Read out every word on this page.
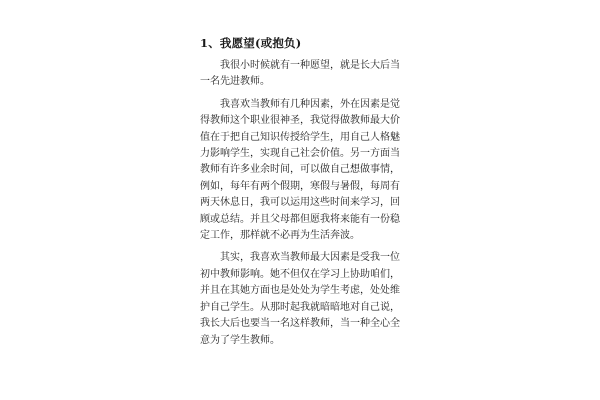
1、我愿望(或抱负)

我很小时候就有一种愿望，就是长大后当一名先进教师。

我喜欢当教师有几种因素，外在因素是觉得教师这个职业很神圣，我觉得做教师最大价值在于把自己知识传授给学生，用自己人格魅力影响学生，实现自己社会价值。另一方面当教师有许多业余时间，可以做自己想做事情，例如，每年有两个假期，寒假与暑假，每周有两天休息日，我可以运用这些时间来学习，回顾或总结。并且父母都但愿我将来能有一份稳定工作，那样就不必再为生活奔波。

其实，我喜欢当教师最大因素是受我一位初中教师影响。她不但仅在学习上协助咱们，并且在其她方面也是处处为学生考虑，处处维护自己学生。从那时起我就暗暗地对自己说，我长大后也要当一名这样教师，当一种全心全意为了学生教师。
